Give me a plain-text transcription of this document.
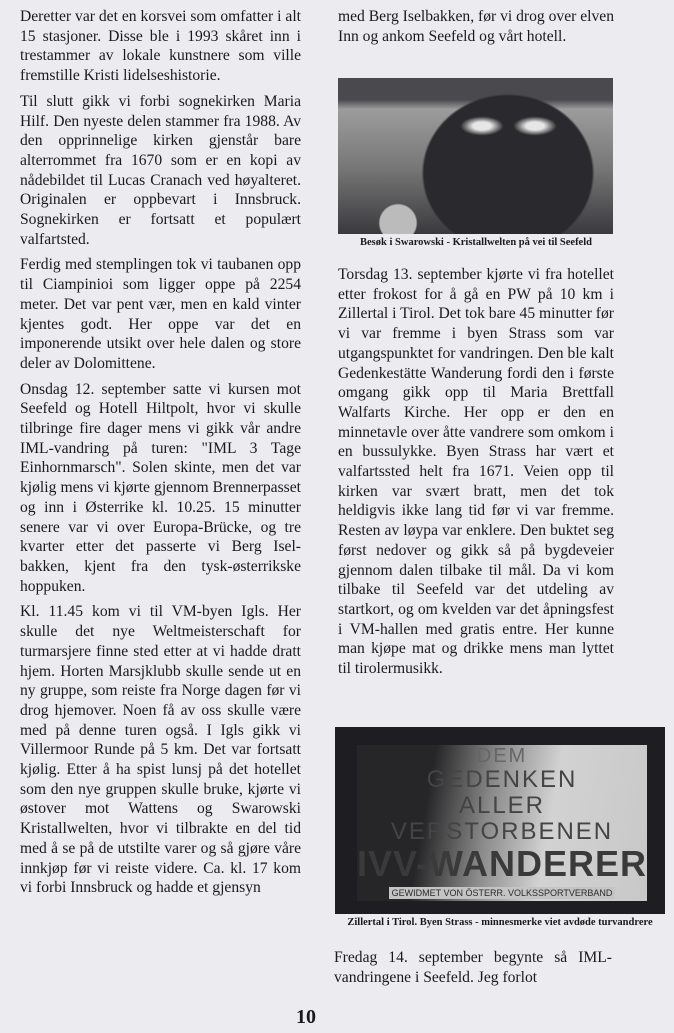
Deretter var det en korsvei som omfatter i alt 15 stasjoner. Disse ble i 1993 skåret inn i trestammer av lokale kunstnere som ville fremstille Kristi lidelseshistorie.

Til slutt gikk vi forbi sognekirken Maria Hilf. Den nyeste delen stammer fra 1988. Av den opprinnelige kirken gjenstår bare alterrommet fra 1670 som er en kopi av nådebildet til Lucas Cranach ved høyalteret. Originalen er oppbevart i Innsbruck. Sognekirken er fortsatt et populært valfartsted.

Ferdig med stemplingen tok vi taubanen opp til Ciampinioi som ligger oppe på 2254 meter. Det var pent vær, men en kald vinter kjentes godt. Her oppe var det en imponerende utsikt over hele dalen og store deler av Dolomittene.

Onsdag 12. september satte vi kursen mot Seefeld og Hotell Hiltpolt, hvor vi skulle tilbringe fire dager mens vi gikk vår andre IML-vandring på turen: "IML 3 Tage Einhornmarsch". Solen skinte, men det var kjølig mens vi kjørte gjennom Brennerpasset og inn i Østerrike kl. 10.25. 15 minutter senere var vi over Europa-Brücke, og tre kvarter etter det passerte vi Berg Isel-bakken, kjent fra den tysk-østerrikske hoppuken.

Kl. 11.45 kom vi til VM-byen Igls. Her skulle det nye Weltmeisterschaft for turmarsjere finne sted etter at vi hadde dratt hjem. Horten Marsjklubb skulle sende ut en ny gruppe, som reiste fra Norge dagen før vi drog hjemover. Noen få av oss skulle være med på denne turen også. I Igls gikk vi Villermoor Runde på 5 km. Det var fortsatt kjølig. Etter å ha spist lunsj på det hotellet som den nye gruppen skulle bruke, kjørte vi østover mot Wattens og Swarowski Kristallwelten, hvor vi tilbrakte en del tid med å se på de utstilte varer og så gjøre våre innkjøp før vi reiste videre. Ca. kl. 17 kom vi forbi Innsbruck og hadde et gjensyn

med Berg Iselbakken, før vi drog over elven Inn og ankom Seefeld og vårt hotell.

Besøk i Swarowski - Kristallwelten på vei til Seefeld

Torsdag 13. september kjørte vi fra hotellet etter frokost for å gå en PW på 10 km i Zillertal i Tirol. Det tok bare 45 minutter før vi var fremme i byen Strass som var utgangspunktet for vandringen. Den ble kalt Gedenkestätte Wanderung fordi den i første omgang gikk opp til Maria Brettfall Walfarts Kirche. Her opp er den en minnetavle over åtte vandrere som omkom i en bussulykke. Byen Strass har vært et valfartssted helt fra 1671. Veien opp til kirken var svært bratt, men det tok heldigvis ikke lang tid før vi var fremme. Resten av løypa var enklere. Den buktet seg først nedover og gikk så på bygdeveier gjennom dalen tilbake til mål. Da vi kom tilbake til Seefeld var det utdeling av startkort, og om kvelden var det åpningsfest i VM-hallen med gratis entre. Her kunne man kjøpe mat og drikke mens man lyttet til tirolermusikk.

DEM
GEDENKEN
ALLER
VERSTORBENEN
IVV-WANDERER
GEWIDMET VON ÖSTERR. VOLKSSPORTVERBAND
Zillertal i Tirol. Byen Strass - minnesmerke viet avdøde turvandrere

Fredag 14. september begynte så IML-vandringene i Seefeld. Jeg forlot

10
